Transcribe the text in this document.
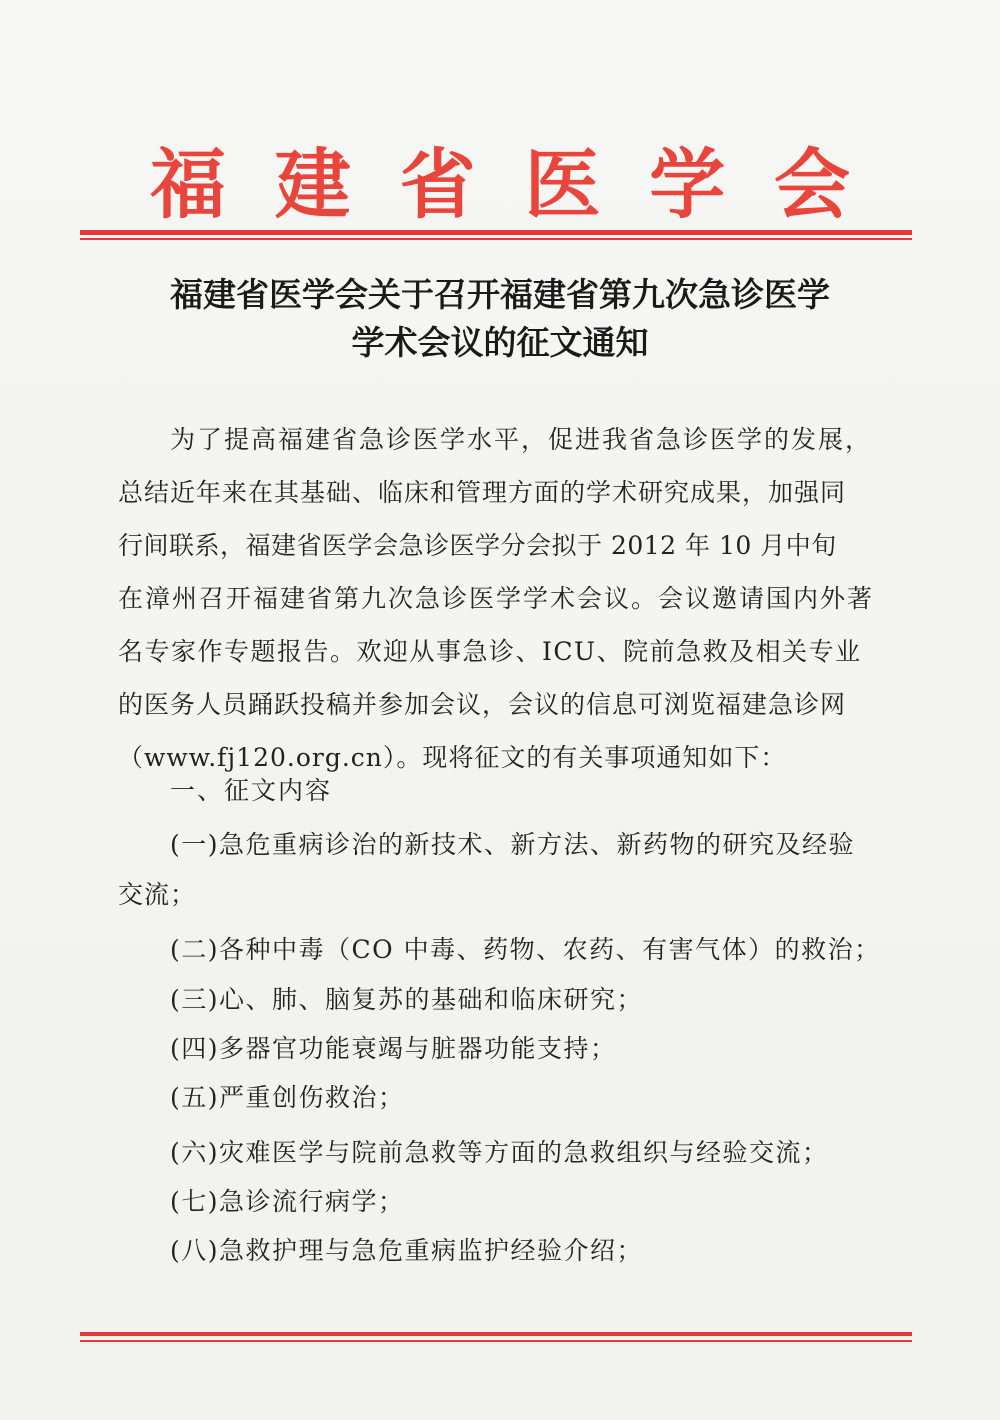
福 建 省 医 学 会
福建省医学会关于召开福建省第九次急诊医学
学术会议的征文通知
为了提高福建省急诊医学水平，促进我省急诊医学的发展，
总结近年来在其基础、临床和管理方面的学术研究成果，加强同
行间联系，福建省医学会急诊医学分会拟于 2012 年 10 月中旬
在漳州召开福建省第九次急诊医学学术会议。会议邀请国内外著
名专家作专题报告。欢迎从事急诊、ICU、院前急救及相关专业
的医务人员踊跃投稿并参加会议，会议的信息可浏览福建急诊网
（www.fj120.org.cn）。现将征文的有关事项通知如下：
一、征文内容
(一)急危重病诊治的新技术、新方法、新药物的研究及经验
交流；
(二)各种中毒（CO 中毒、药物、农药、有害气体）的救治；
(三)心、肺、脑复苏的基础和临床研究；
(四)多器官功能衰竭与脏器功能支持；
(五)严重创伤救治；
(六)灾难医学与院前急救等方面的急救组织与经验交流；
(七)急诊流行病学；
(八)急救护理与急危重病监护经验介绍；
